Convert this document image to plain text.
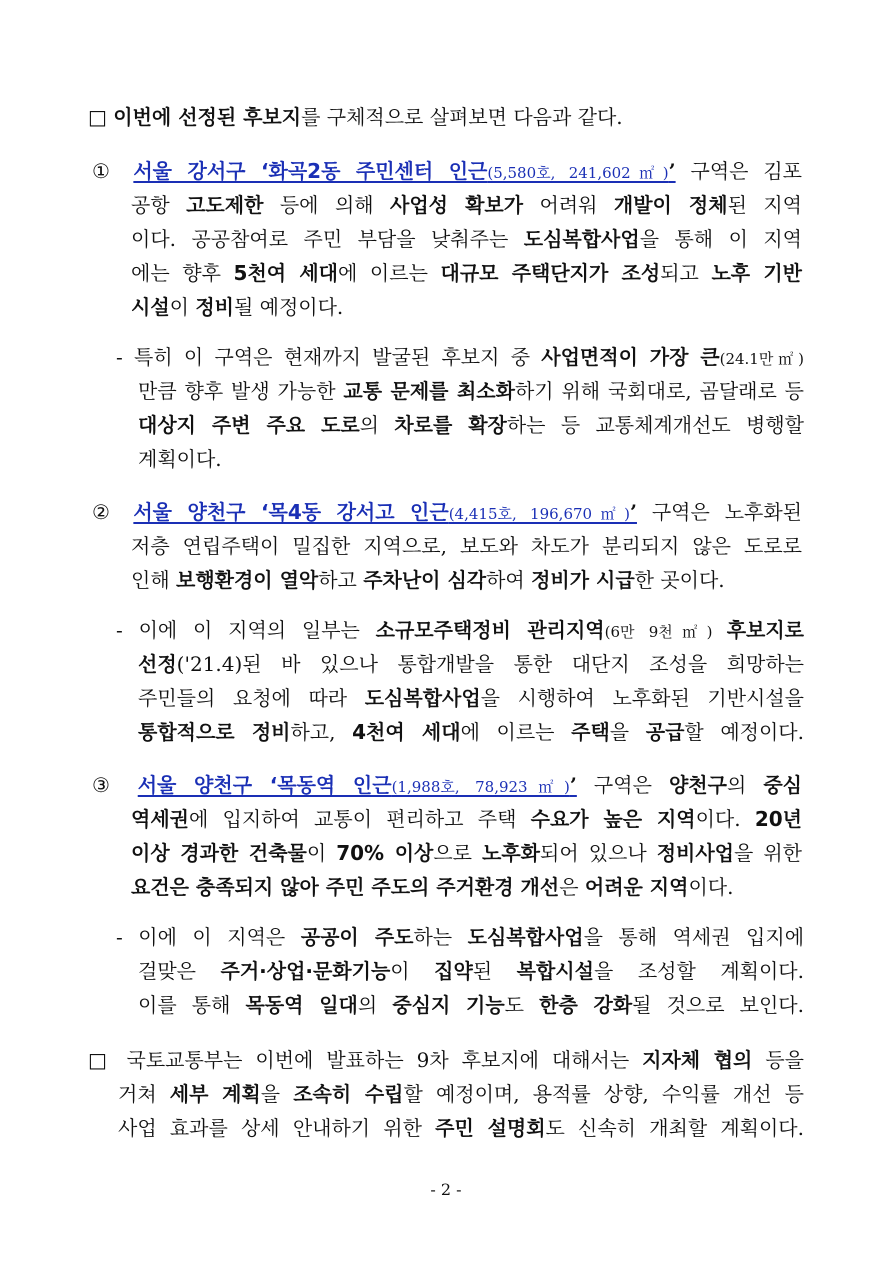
□ 이번에 선정된 후보지를 구체적으로 살펴보면 다음과 같다.
① 서울 강서구 ‘화곡2동 주민센터 인근(5,580호, 241,602㎡)’ 구역은 김포
공항 고도제한 등에 의해 사업성 확보가 어려워 개발이 정체된 지역
이다. 공공참여로 주민 부담을 낮춰주는 도심복합사업을 통해 이 지역
에는 향후 5천여 세대에 이르는 대규모 주택단지가 조성되고 노후 기반
시설이 정비될 예정이다.
- 특히 이 구역은 현재까지 발굴된 후보지 중 사업면적이 가장 큰(24.1만㎡)
만큼 향후 발생 가능한 교통 문제를 최소화하기 위해 국회대로, 곰달래로 등
대상지 주변 주요 도로의 차로를 확장하는 등 교통체계개선도 병행할
계획이다.
② 서울 양천구 ‘목4동 강서고 인근(4,415호, 196,670㎡)’ 구역은 노후화된
저층 연립주택이 밀집한 지역으로, 보도와 차도가 분리되지 않은 도로로
인해 보행환경이 열악하고 주차난이 심각하여 정비가 시급한 곳이다.
- 이에 이 지역의 일부는 소규모주택정비 관리지역(6만 9천㎡) 후보지로
선정('21.4)된 바 있으나 통합개발을 통한 대단지 조성을 희망하는
주민들의 요청에 따라 도심복합사업을 시행하여 노후화된 기반시설을
통합적으로 정비하고, 4천여 세대에 이르는 주택을 공급할 예정이다.
③ 서울 양천구 ‘목동역 인근(1,988호, 78,923㎡)’ 구역은 양천구의 중심
역세권에 입지하여 교통이 편리하고 주택 수요가 높은 지역이다. 20년
이상 경과한 건축물이 70% 이상으로 노후화되어 있으나 정비사업을 위한
요건은 충족되지 않아 주민 주도의 주거환경 개선은 어려운 지역이다.
- 이에 이 지역은 공공이 주도하는 도심복합사업을 통해 역세권 입지에
걸맞은 주거·상업·문화기능이 집약된 복합시설을 조성할 계획이다.
이를 통해 목동역 일대의 중심지 기능도 한층 강화될 것으로 보인다.
□ 국토교통부는 이번에 발표하는 9차 후보지에 대해서는 지자체 협의 등을
거쳐 세부 계획을 조속히 수립할 예정이며, 용적률 상향, 수익률 개선 등
사업 효과를 상세 안내하기 위한 주민 설명회도 신속히 개최할 계획이다.
- 2 -
